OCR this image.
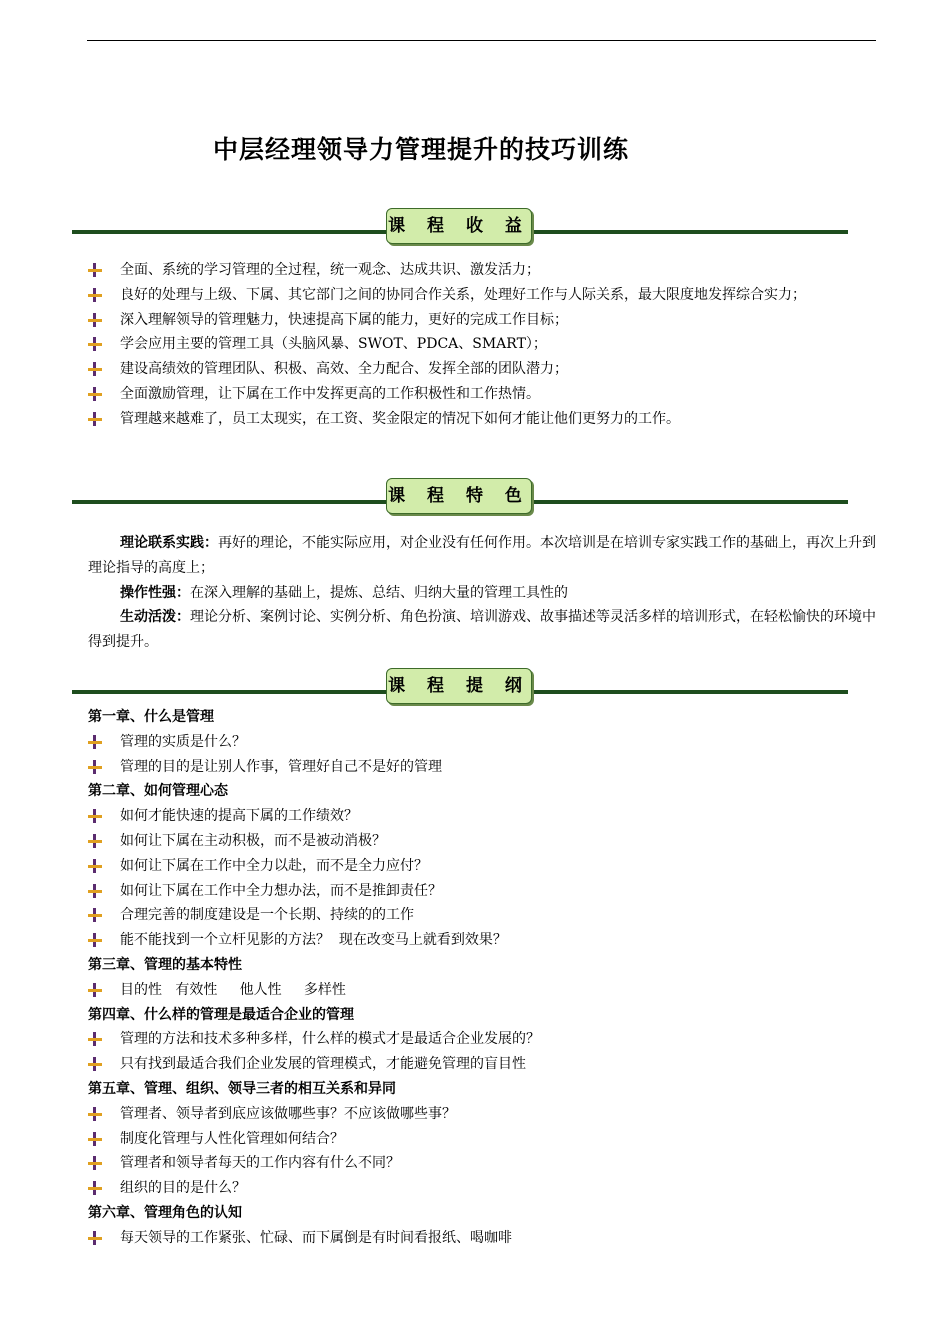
中层经理领导力管理提升的技巧训练
课 程 收 益
全面、系统的学习管理的全过程，统一观念、达成共识、激发活力；
良好的处理与上级、下属、其它部门之间的协同合作关系，处理好工作与人际关系，最大限度地发挥综合实力；
深入理解领导的管理魅力，快速提高下属的能力，更好的完成工作目标；
学会应用主要的管理工具（头脑风暴、SWOT、PDCA、SMART）；
建设高绩效的管理团队、积极、高效、全力配合、发挥全部的团队潜力；
全面激励管理，让下属在工作中发挥更高的工作积极性和工作热情。
管理越来越难了，员工太现实，在工资、奖金限定的情况下如何才能让他们更努力的工作。
课 程 特 色

理论联系实践：再好的理论，不能实际应用，对企业没有任何作用。本次培训是在培训专家实践工作的基础上，再次上升到理论指导的高度上；

操作性强：在深入理解的基础上，提炼、总结、归纳大量的管理工具性的

生动活泼：理论分析、案例讨论、实例分析、角色扮演、培训游戏、故事描述等灵活多样的培训形式，在轻松愉快的环境中得到提升。

课 程 提 纲
第一章、什么是管理
管理的实质是什么？
管理的目的是让别人作事，管理好自己不是好的管理
第二章、如何管理心态
如何才能快速的提高下属的工作绩效？
如何让下属在主动积极，而不是被动消极？
如何让下属在工作中全力以赴，而不是全力应付？
如何让下属在工作中全力想办法，而不是推卸责任？
合理完善的制度建设是一个长期、持续的的工作
能不能找到一个立杆见影的方法？  现在改变马上就看到效果？
第三章、管理的基本特性
目的性   有效性     他人性     多样性
第四章、什么样的管理是最适合企业的管理
管理的方法和技术多种多样，什么样的模式才是最适合企业发展的？
只有找到最适合我们企业发展的管理模式，才能避免管理的盲目性
第五章、管理、组织、领导三者的相互关系和异同
管理者、领导者到底应该做哪些事？不应该做哪些事？
制度化管理与人性化管理如何结合？
管理者和领导者每天的工作内容有什么不同？
组织的目的是什么？
第六章、管理角色的认知
每天领导的工作紧张、忙碌、而下属倒是有时间看报纸、喝咖啡
